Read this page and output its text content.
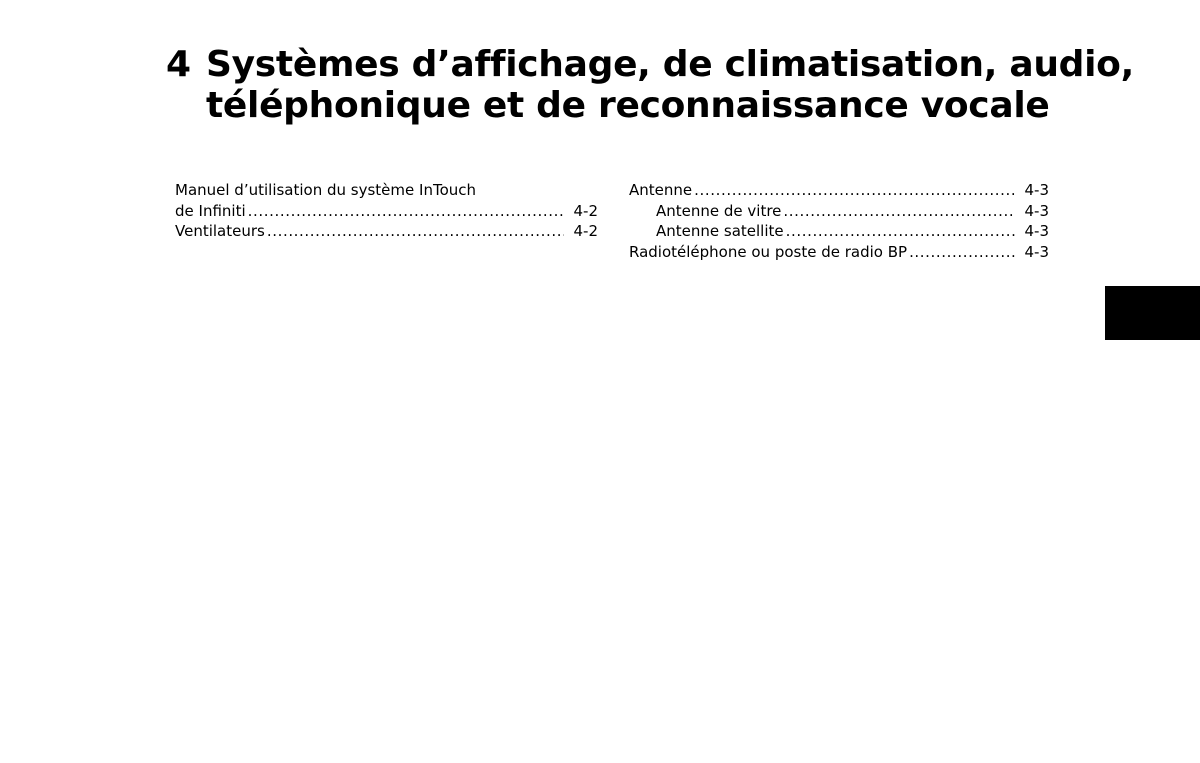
4 Systèmes d’affichage, de climatisation, audio,
téléphonique et de reconnaissance vocale
Manuel d’utilisation du système InTouch
de Infiniti .....	4-2
Ventilateurs .....	4-2
Antenne .....	4-3
Antenne de vitre .....	4-3
Antenne satellite .....	4-3
Radiotéléphone ou poste de radio BP .....	4-3
